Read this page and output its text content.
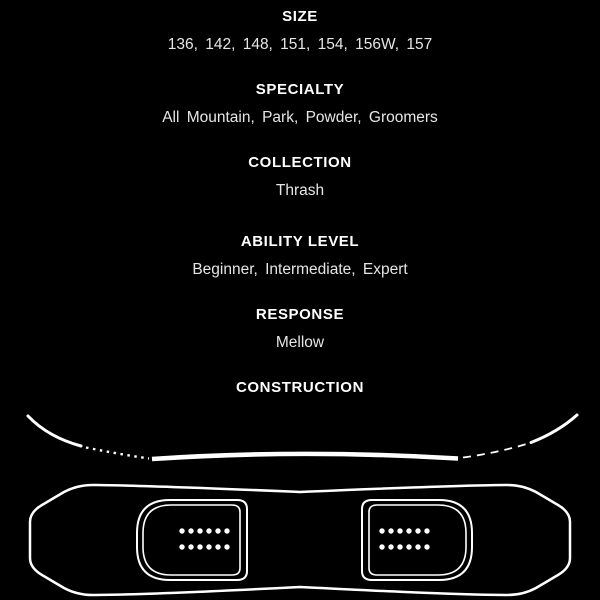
SIZE

136, 142, 148, 151, 154, 156W, 157

SPECIALTY

All Mountain, Park, Powder, Groomers

COLLECTION

Thrash

ABILITY LEVEL

Beginner, Intermediate, Expert

RESPONSE

Mellow

CONSTRUCTION
